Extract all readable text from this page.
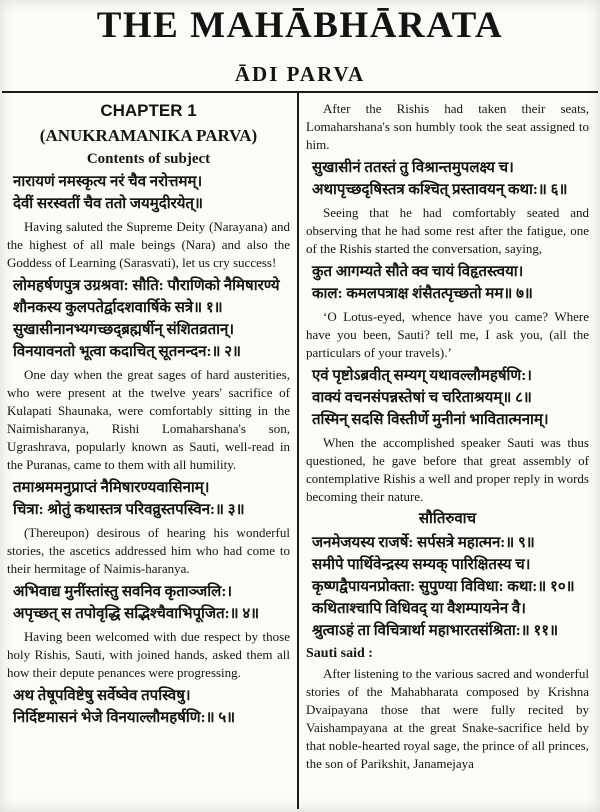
THE MAHĀBHĀRATA
ĀDI PARVA
CHAPTER 1
(ANUKRAMANIKA PARVA)
Contents of subject
नारायणं नमस्कृत्य नरं चैव नरोत्तमम्।
देवीं सरस्वतीं चैव ततो जयमुदीरयेत्॥

Having saluted the Supreme Deity (Narayana) and the highest of all male beings (Nara) and also the Goddess of Learning (Sarasvati), let us cry success!

लोमहर्षणपुत्र उग्रश्रवा: सौति: पौराणिको नैमिषारण्ये
शौनकस्य कुलपतेर्द्वादशवार्षिके सत्रे॥ १॥
सुखासीनानभ्यगच्छद्ब्रह्मर्षीन् संशितव्रतान्।
विनयावनतो भूत्वा कदाचित् सूतनन्दन:॥ २॥

One day when the great sages of hard austerities, who were present at the twelve years' sacrifice of Kulapati Shaunaka, were comfortably sitting in the Naimisharanya, Rishi Lomaharshana's son, Ugrashrava, popularly known as Sauti, well-read in the Puranas, came to them with all humility.

तमाश्रममनुप्राप्तं नैमिषारण्यवासिनाम्।
चित्रा: श्रोतुं कथास्तत्र परिवव्रुस्तपस्विन:॥ ३॥

(Thereupon) desirous of hearing his wonderful stories, the ascetics addressed him who had come to their hermitage of Naimis-haranya.

अभिवाद्य मुनींस्तांस्तु सवनिव कृताञ्जलि:।
अपृच्छत् स तपोवृद्धि सद्भिश्चैवाभिपूजित:॥ ४॥

Having been welcomed with due respect by those holy Rishis, Sauti, with joined hands, asked them all how their depute penances were progressing.

अथ तेषूपविष्टेषु सर्वेष्वेव तपस्विषु।
निर्दिष्टमासनं भेजे विनयाल्लौमहर्षणि:॥ ५॥

After the Rishis had taken their seats, Lomaharshana's son humbly took the seat assigned to him.

सुखासीनं ततस्तं तु विश्रान्तमुपलक्ष्य च।
अथापृच्छदृषिस्तत्र कश्चित् प्रस्तावयन् कथा:॥ ६॥

Seeing that he had comfortably seated and observing that he had some rest after the fatigue, one of the Rishis started the conversation, saying,

कुत आगम्यते सौते क्व चायं विहृतस्त्वया।
काल: कमलपत्राक्ष शंसैतत्पृच्छतो मम॥ ७॥

‘O Lotus-eyed, whence have you came? Where have you been, Sauti? tell me, I ask you, (all the particulars of your travels).’

एवं पृष्टोऽब्रवीत् सम्यग् यथावल्लौमहर्षणि:।
वाक्यं वचनसंपन्नस्तेषां च चरिताश्रयम्॥ ८॥
तस्मिन् सदसि विस्तीर्णे मुनीनां भावितात्मनाम्।

When the accomplished speaker Sauti was thus questioned, he gave before that great assembly of contemplative Rishis a well and proper reply in words becoming their nature.

सौतिरुवाच
जनमेजयस्य राजर्षे: सर्पसत्रे महात्मन:॥ ९॥
समीपे पार्थिवेन्द्रस्य सम्यक् पारिक्षितस्य च।
कृष्णद्वैपायनप्रोक्ता: सुपुण्या विविधा: कथा:॥ १०॥
कथिताश्चापि विधिवद् या वैशम्पायनेन वै।
श्रुत्वाऽहं ता विचित्रार्था महाभारतसंश्रिता:॥ ११॥

Sauti said :

After listening to the various sacred and wonderful stories of the Mahabharata composed by Krishna Dvaipayana those that were fully recited by Vaishampayana at the great Snake-sacrifice held by that noble-hearted royal sage, the prince of all princes, the son of Parikshit, Janamejaya
